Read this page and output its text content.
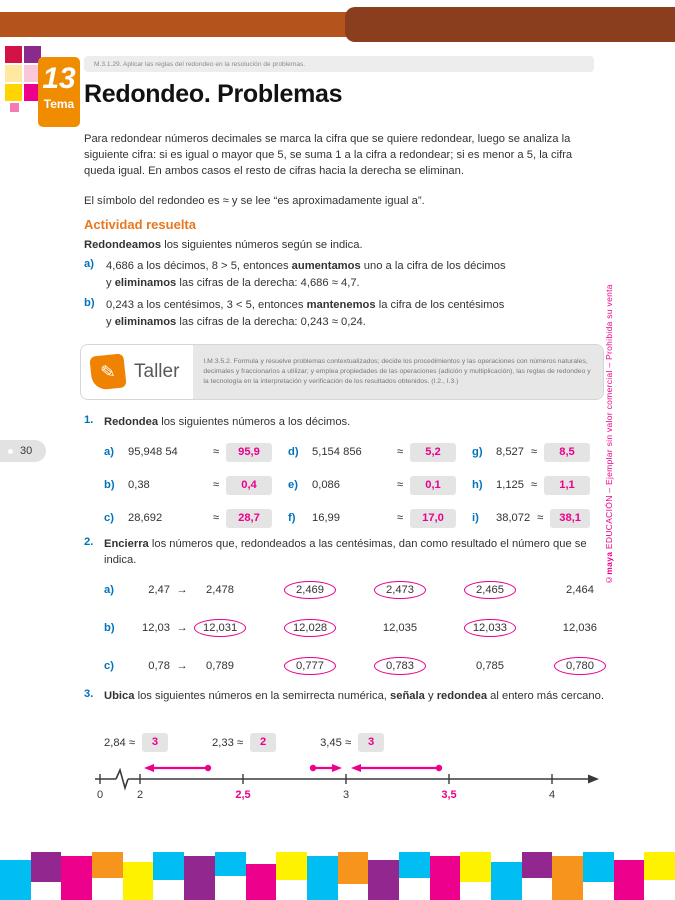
13
Tema
M.3.1.29. Aplicar las reglas del redondeo en la resolución de problemas.
Redondeo. Problemas

Para redondear números decimales se marca la cifra que se quiere redondear, luego se analiza la siguiente cifra: si es igual o mayor que 5, se suma 1 a la cifra a redondear; si es menor a 5, la cifra queda igual. En ambos casos el resto de cifras hacia la derecha se eliminan.

El símbolo del redondeo es ≈ y se lee “es aproximadamente igual a”.

Actividad resuelta

Redondeamos los siguientes números según se indica.

a)	4,686 a los décimos, 8 > 5, entonces aumentamos uno a la cifra de los décimos
y eliminamos las cifras de la derecha: 4,686 ≈ 4,7.
b)	0,243 a los centésimos, 3 < 5, entonces mantenemos la cifra de los centésimos
y eliminamos las cifras de la derecha: 0,243 ≈ 0,24.
✎ Taller	I.M.3.5.2. Formula y resuelve problemas contextualizados; decide los procedimientos y las operaciones con números naturales, decimales y fraccionarios a utilizar; y emplea propiedades de las operaciones (adición y multiplicación), las reglas de redondeo y la tecnología en la interpretación y verificación de los resultados obtenidos. (I.2., I.3.)
1. Redondea los siguientes números a los décimos.
a)	95,948 54	≈	95,9	d)	5,154 856	≈	5,2	g)	8,527 ≈	8,5
b)	0,38	≈	0,4	e)	0,086	≈	0,1	h)	1,125 ≈	1,1
c)	28,692	≈	28,7	f)	16,99	≈	17,0	i)	38,072 ≈	38,1
2. Encierra los números que, redondeados a las centésimas, dan como resultado el número que se indica.
a)	2,47 →	2,478	2,469	2,473	2,465	2,464
b)	12,03 →	12,031	12,028	12,035	12,033	12,036
c)	0,78 →	0,789	0,777	0,783	0,785	0,780
3. Ubica los siguientes números en la semirrecta numérica, señala y redondea al entero más cercano.
2,84 ≈	3	2,33 ≈	2	3,45 ≈	3
0	2	2,5	3	3,5	4
30
©maya EDUCACIÓN – Ejemplar sin valor comercial – Prohibida su venta
